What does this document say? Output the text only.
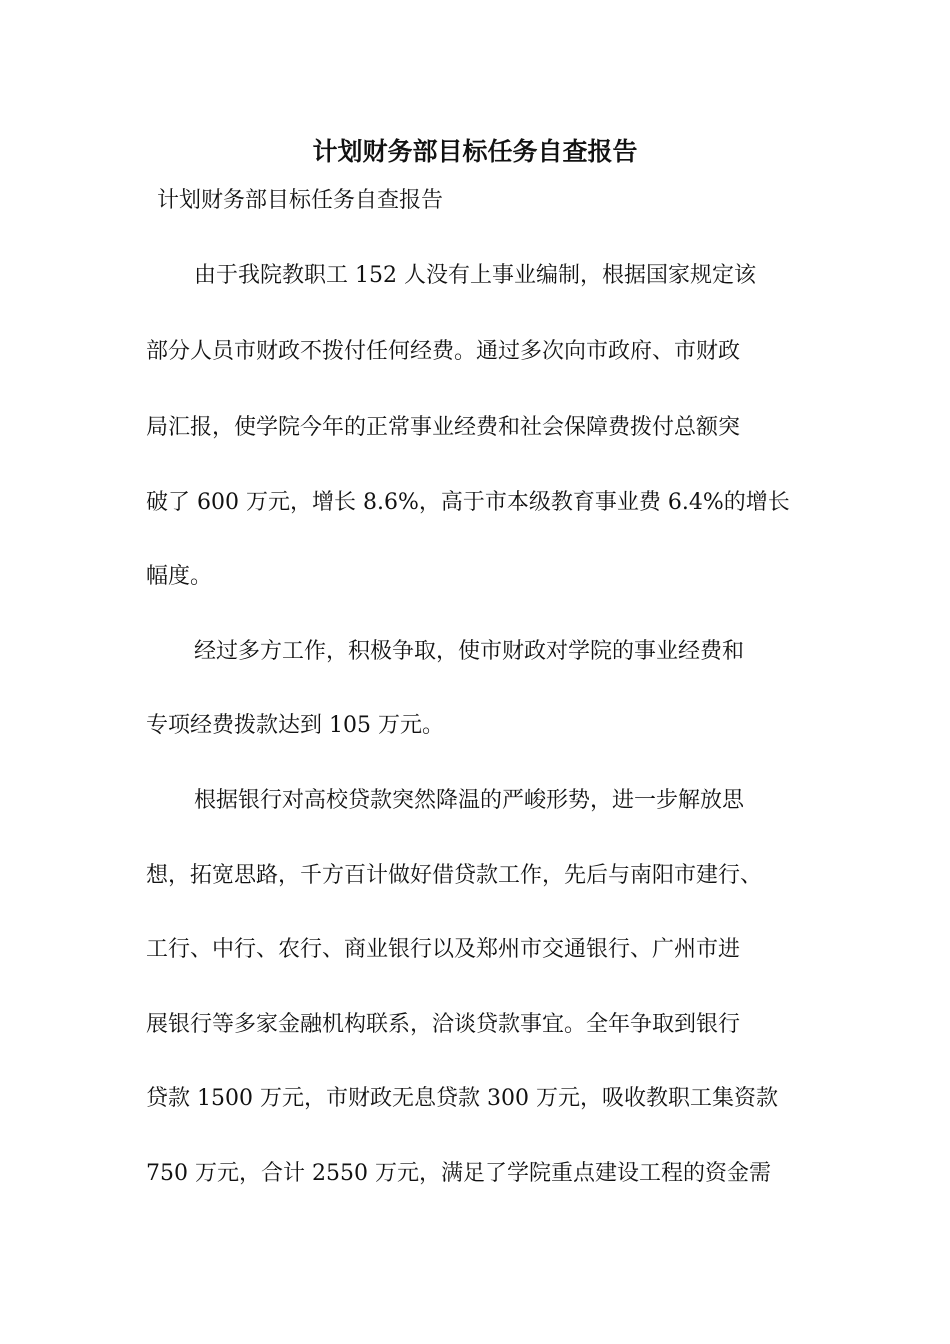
计划财务部目标任务自查报告
计划财务部目标任务自查报告
由于我院教职工 152 人没有上事业编制，根据国家规定该
部分人员市财政不拨付任何经费。通过多次向市政府、市财政
局汇报，使学院今年的正常事业经费和社会保障费拨付总额突
破了 600 万元，增长 8.6%，高于市本级教育事业费 6.4%的增长
幅度。
经过多方工作，积极争取，使市财政对学院的事业经费和
专项经费拨款达到 105 万元。
根据银行对高校贷款突然降温的严峻形势，进一步解放思
想，拓宽思路，千方百计做好借贷款工作，先后与南阳市建行、
工行、中行、农行、商业银行以及郑州市交通银行、广州市进
展银行等多家金融机构联系，洽谈贷款事宜。全年争取到银行
贷款 1500 万元，市财政无息贷款 300 万元，吸收教职工集资款
750 万元，合计 2550 万元，满足了学院重点建设工程的资金需
